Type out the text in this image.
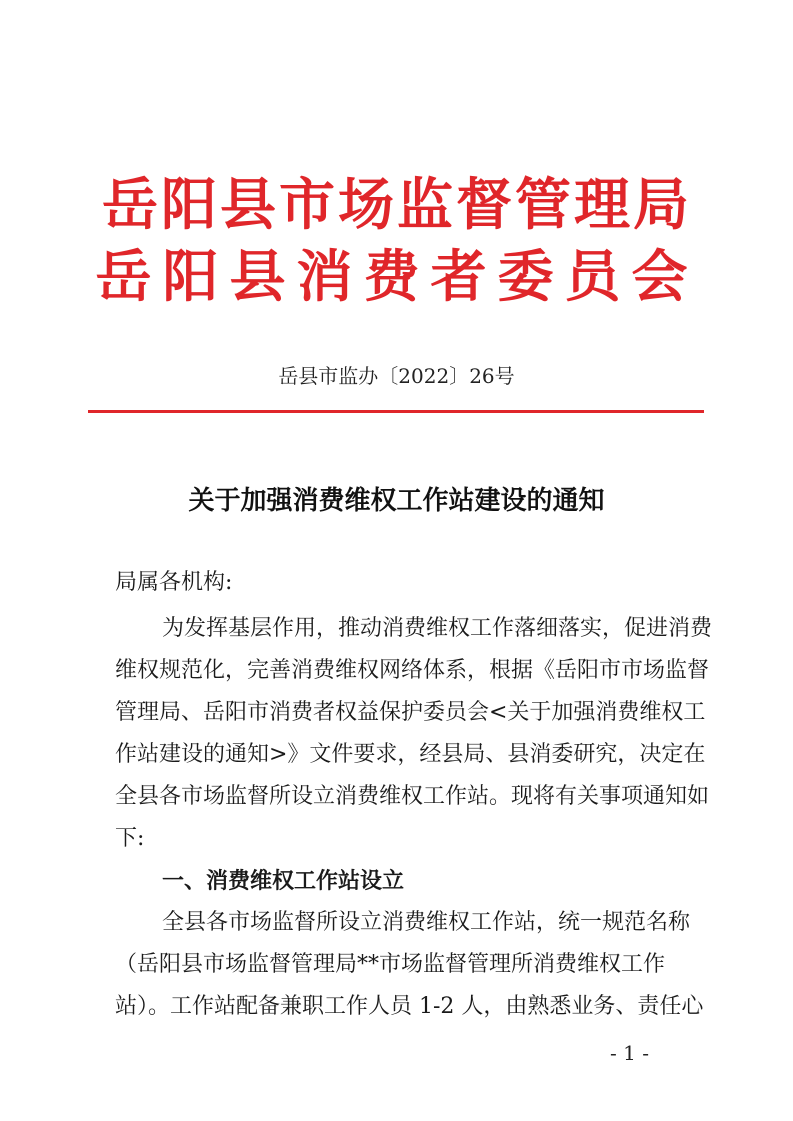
岳阳县市场监督管理局
岳阳县消费者委员会
岳县市监办〔2022〕26号
关于加强消费维权工作站建设的通知
局属各机构:
为发挥基层作用，推动消费维权工作落细落实，促进消费
维权规范化，完善消费维权网络体系，根据《岳阳市市场监督
管理局、岳阳市消费者权益保护委员会<关于加强消费维权工
作站建设的通知>》文件要求，经县局、县消委研究，决定在
全县各市场监督所设立消费维权工作站。现将有关事项通知如
下:
一、消费维权工作站设立
全县各市场监督所设立消费维权工作站，统一规范名称
（岳阳县市场监督管理局**市场监督管理所消费维权工作
站）。工作站配备兼职工作人员 1-2 人，由熟悉业务、责任心
- 1 -
